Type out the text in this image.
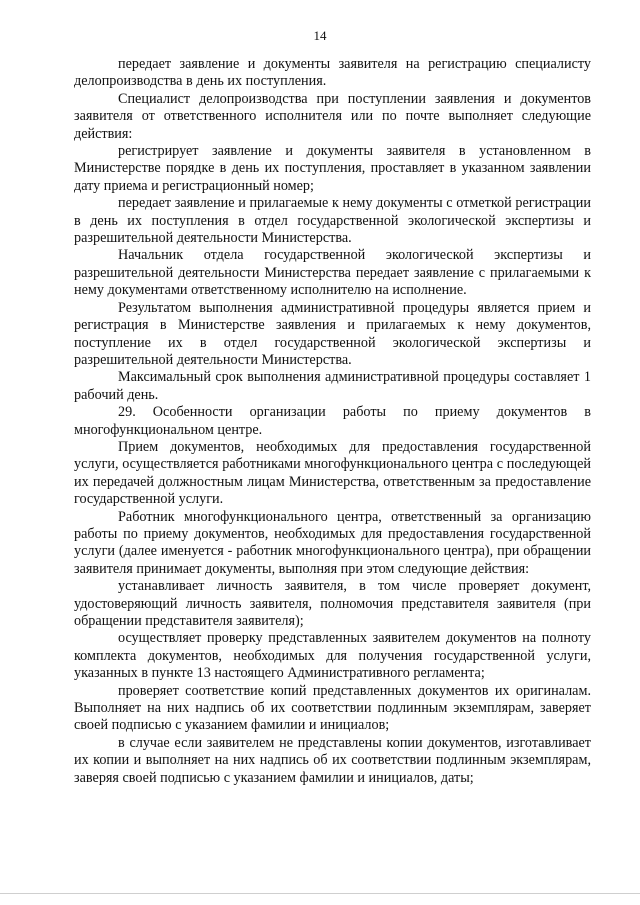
14

передает заявление и документы заявителя на регистрацию специалисту делопроизводства в день их поступления.

Специалист делопроизводства при поступлении заявления и документов заявителя от ответственного исполнителя или по почте выполняет следующие действия:

регистрирует заявление и документы заявителя в установленном в Министерстве порядке в день их поступления, проставляет в указанном заявлении дату приема и регистрационный номер;

передает заявление и прилагаемые к нему документы с отметкой регистрации в день их поступления в отдел государственной экологической экспертизы и разрешительной деятельности Министерства.

Начальник отдела государственной экологической экспертизы и разрешительной деятельности Министерства передает заявление с прилагаемыми к нему документами ответственному исполнителю на исполнение.

Результатом выполнения административной процедуры является прием и регистрация в Министерстве заявления и прилагаемых к нему документов, поступление их в отдел государственной экологической экспертизы и разрешительной деятельности Министерства.

Максимальный срок выполнения административной процедуры составляет 1 рабочий день.

29. Особенности организации работы по приему документов в многофункциональном центре.

Прием документов, необходимых для предоставления государственной услуги, осуществляется работниками многофункционального центра с последующей их передачей должностным лицам Министерства, ответственным за предоставление государственной услуги.

Работник многофункционального центра, ответственный за организацию работы по приему документов, необходимых для предоставления государственной услуги (далее именуется - работник многофункционального центра), при обращении заявителя принимает документы, выполняя при этом следующие действия:

устанавливает личность заявителя, в том числе проверяет документ, удостоверяющий личность заявителя, полномочия представителя заявителя (при обращении представителя заявителя);

осуществляет проверку представленных заявителем документов на полноту комплекта документов, необходимых для получения государственной услуги, указанных в пункте 13 настоящего Административного регламента;

проверяет соответствие копий представленных документов их оригиналам. Выполняет на них надпись об их соответствии подлинным экземплярам, заверяет своей подписью с указанием фамилии и инициалов;

в случае если заявителем не представлены копии документов, изготавливает их копии и выполняет на них надпись об их соответствии подлинным экземплярам, заверяя своей подписью с указанием фамилии и инициалов, даты;
